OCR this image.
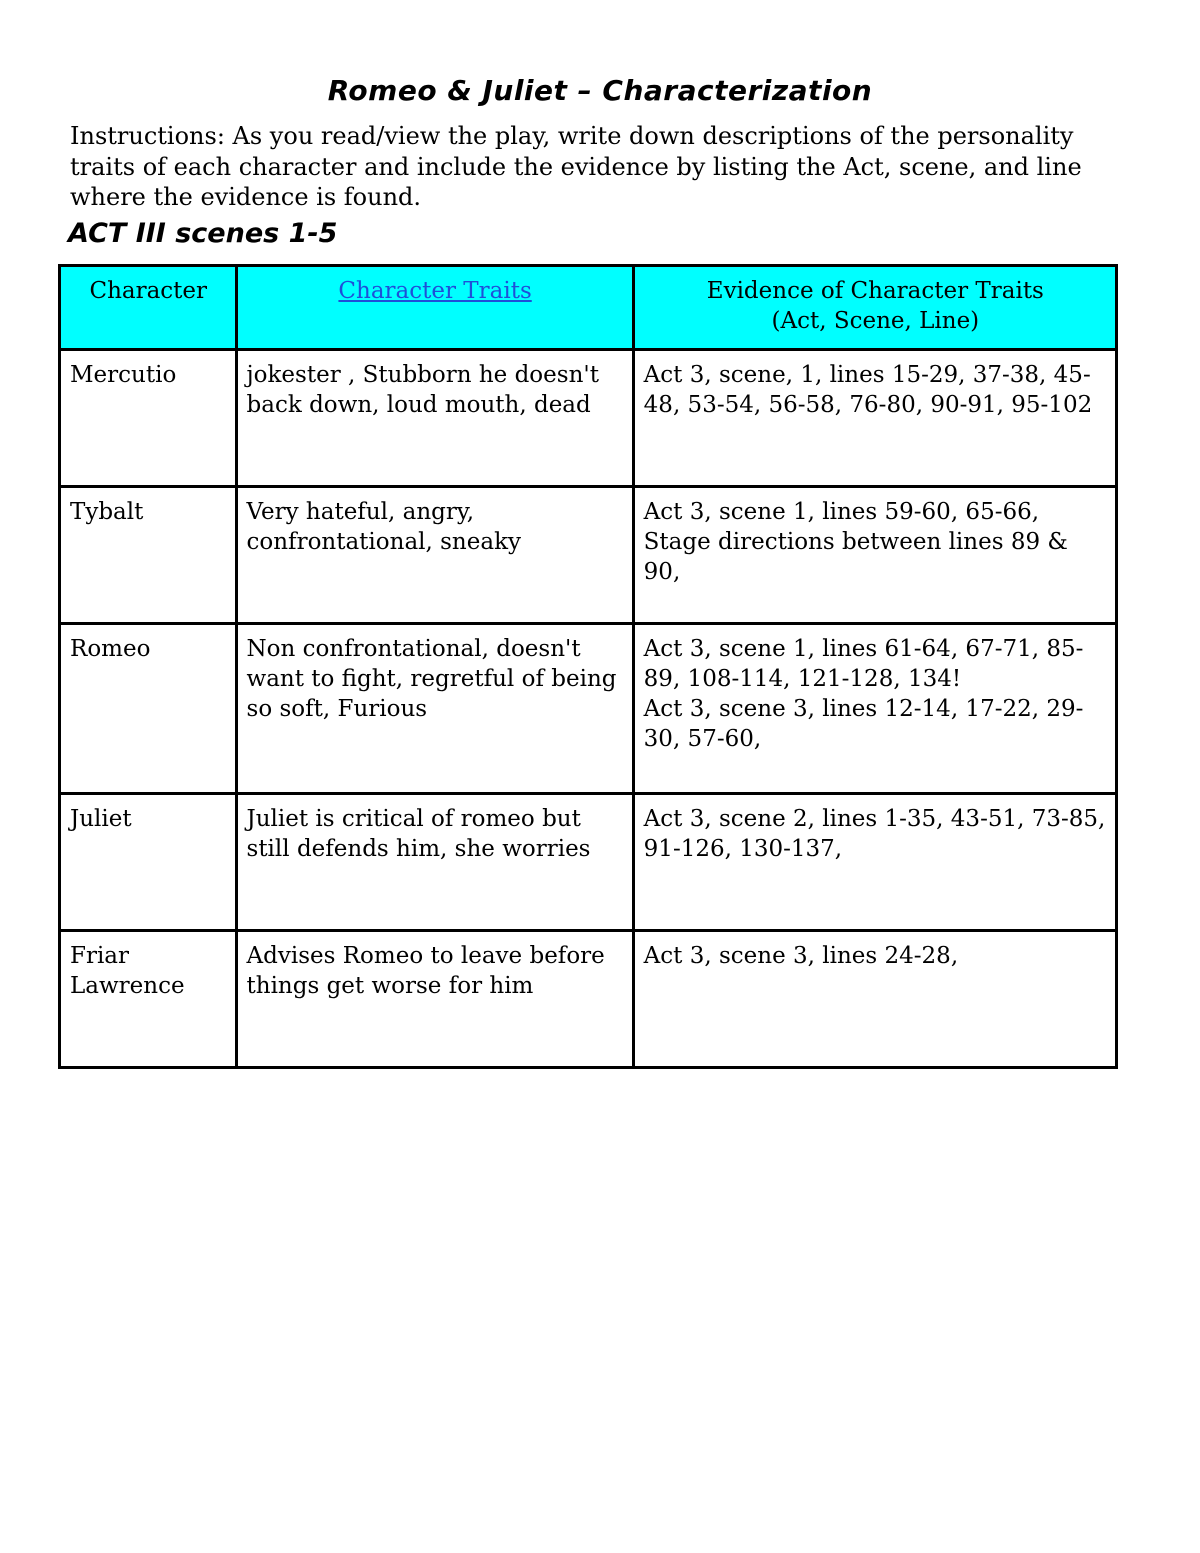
Romeo & Juliet – Characterization
Instructions: As you read/view the play, write down descriptions of the personality traits of each character and include the evidence by listing the Act, scene, and line where the evidence is found.
ACT III scenes 1-5
Character	Character Traits	Evidence of Character Traits
(Act, Scene, Line)

Mercutio	jokester , Stubborn he doesn't back down, loud mouth, dead	Act 3, scene, 1, lines 15-29, 37-38, 45-48, 53-54, 56-58, 76-80, 90-91, 95-102

Tybalt	Very hateful, angry, confrontational, sneaky	Act 3, scene 1, lines 59-60, 65-66, Stage directions between lines 89 & 90,

Romeo	Non confrontational, doesn't want to fight, regretful of being so soft, Furious	Act 3, scene 1, lines 61-64, 67-71, 85-89, 108-114, 121-128, 134!
Act 3, scene 3, lines 12-14, 17-22, 29-30, 57-60,

Juliet	Juliet is critical of romeo but still defends him, she worries	Act 3, scene 2, lines 1-35, 43-51, 73-85, 91-126, 130-137,

Friar Lawrence	Advises Romeo to leave before things get worse for him	Act 3, scene 3, lines 24-28,
